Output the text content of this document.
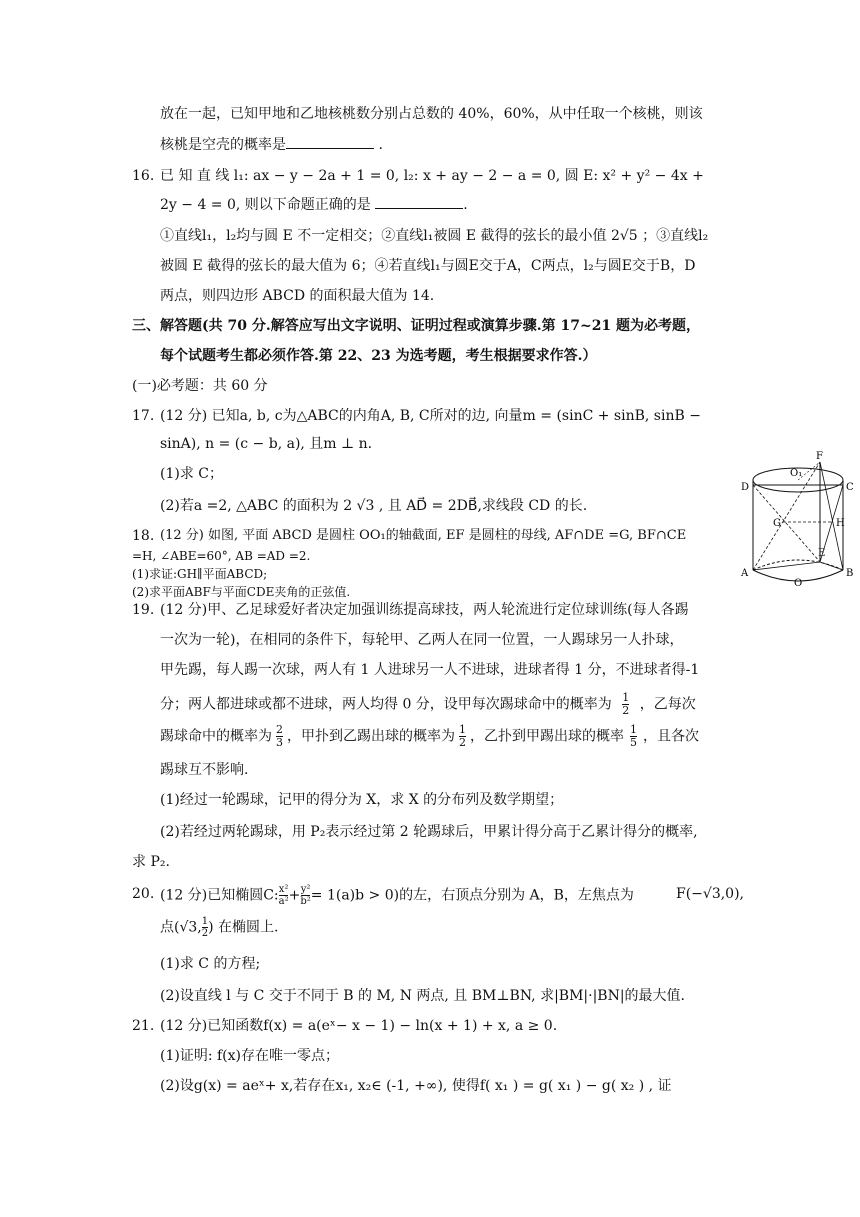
放在一起，已知甲地和乙地核桃数分别占总数的 40%，60%，从中任取一个核桃，则该
核桃是空壳的概率是	.
16. 已 知 直 线 l₁: ax − y − 2a + 1 = 0, l₂: x + ay − 2 − a = 0, 圆 E: x² + y² − 4x +
2y − 4 = 0, 则以下命题正确的是	.
①直线l₁，l₂均与圆 E 不一定相交；②直线l₁被圆 E 截得的弦长的最小值 2√5 ；③直线l₂
被圆 E 截得的弦长的最大值为 6；④若直线l₁与圆E交于A，C两点，l₂与圆E交于B，D
两点，则四边形 ABCD 的面积最大值为 14.
三、解答题(共 70 分.解答应写出文字说明、证明过程或演算步骤.第 17~21 题为必考题，
每个试题考生都必须作答.第 22、23 为选考题，考生根据要求作答.）
(一)必考题：共 60 分
17. (12 分) 已知a, b, c为△ABC的内角A, B, C所对的边, 向量m = (sinC + sinB, sinB −
sinA), n = (c − b, a), 且m ⊥ n.
(1)求 C；
(2)若a =2, △ABC 的面积为 2 √3 , 且 AD⃗ = 2DB⃗,求线段 CD 的长.
18. (12 分) 如图, 平面 ABCD 是圆柱 OO₁的轴截面, EF 是圆柱的母线, AF∩DE =G, BF∩CE
=H, ∠ABE=60°, AB =AD =2.
(1)求证:GH∥平面ABCD;
(2)求平面ABF与平面CDE夹角的正弦值.
F
O₁
D	C
G	H
A
E
B
O
19. (12 分)甲、乙足球爱好者决定加强训练提高球技，两人轮流进行定位球训练(每人各踢
一次为一轮)，在相同的条件下，每轮甲、乙两人在同一位置，一人踢球另一人扑球，
甲先踢，每人踢一次球，两人有 1 人进球另一人不进球，进球者得 1 分，不进球者得-1
分；两人都进球或都不进球，两人均得 0 分，设甲每次踢球命中的概率为 $\frac{1}{2}$ ，乙每次
踢球命中的概率为 $\frac{2}{3}$ ，甲扑到乙踢出球的概率为 $\frac{1}{2}$ ，乙扑到甲踢出球的概率 $\frac{1}{5}$ ，且各次
踢球互不影响.
(1)经过一轮踢球，记甲的得分为 X，求 X 的分布列及数学期望；
(2)若经过两轮踢球，用 P₂表示经过第 2 轮踢球后，甲累计得分高于乙累计得分的概率,
求 P₂.
20. (12 分)已知椭圆C: $\frac{\text{x²}}{\text{a²}} + \frac{\text{y²}}{\text{b²}} = 1(a)b > 0$)的左，右顶点分别为 A，B，左焦点为	F(−√3,0),
点(√3, $\frac{1}{2}$ ) 在椭圆上.
(1)求 C 的方程;
(2)设直线 l 与 C 交于不同于 B 的 M, N 两点, 且 BM⊥BN, 求|BM|·|BN|的最大值.
21. (12 分)已知函数f(x) = a(eˣ− x − 1) − ln(x + 1) + x, a ≥ 0.
(1)证明: f(x)存在唯一零点；
(2)设g(x) = aeˣ+ x,若存在x₁, x₂∈ (-1, +∞), 使得f( x₁ ) = g( x₁ ) − g( x₂ ) , 证
